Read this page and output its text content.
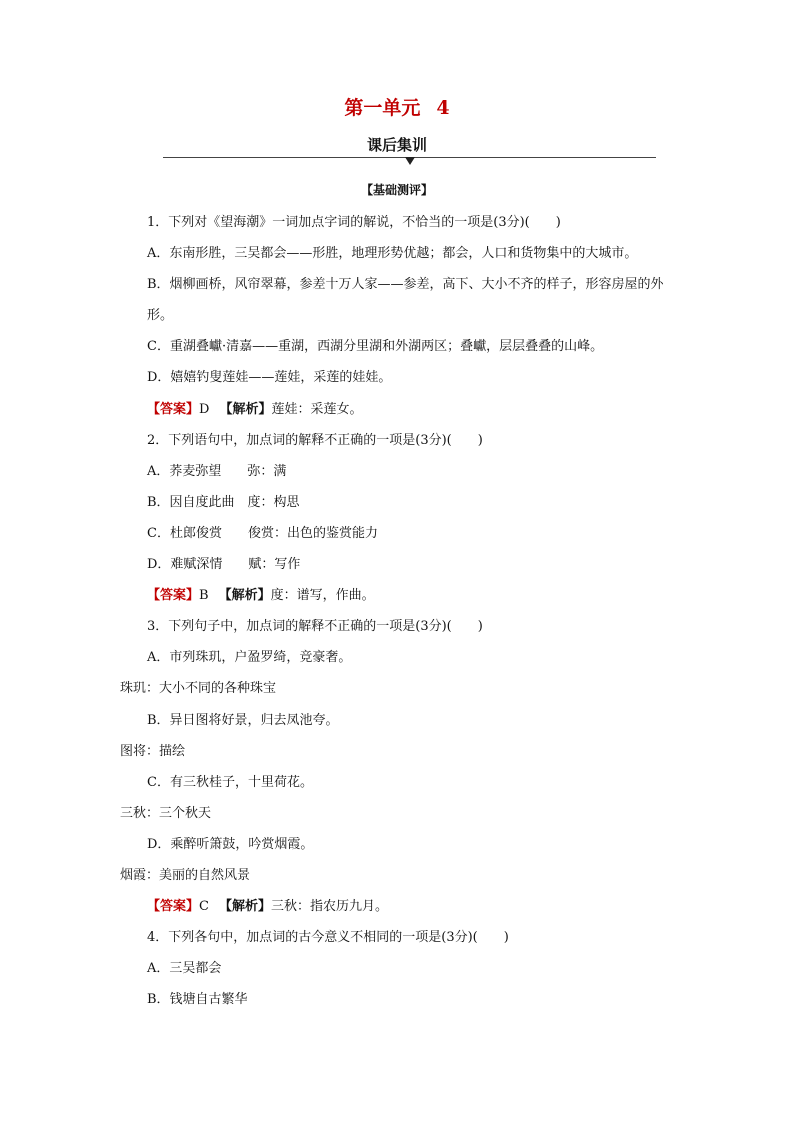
第一单元 4
课后集训
【基础测评】
1．下列对《望海潮》一词加点字词的解说，不恰当的一项是(3分)(　　)
A．东南形胜，三吴都会——形胜，地理形势优越；都会，人口和货物集中的大城市。
B．烟柳画桥，风帘翠幕，参差十万人家——参差，高下、大小不齐的样子，形容房屋的外形。
C．重湖叠巘·清嘉——重湖，西湖分里湖和外湖两区；叠巘，层层叠叠的山峰。
D．嬉嬉钓叟莲娃——莲娃，采莲的娃娃。
【答案】D 【解析】莲娃：采莲女。
2．下列语句中，加点词的解释不正确的一项是(3分)(　　)
A．荞麦弥望　　弥：满
B．因自度此曲　度：构思
C．杜郎俊赏　　俊赏：出色的鉴赏能力
D．难赋深情　　赋：写作
【答案】B 【解析】度：谱写，作曲。
3．下列句子中，加点词的解释不正确的一项是(3分)(　　)
A．市列珠玑，户盈罗绮，竞豪奢。
珠玑：大小不同的各种珠宝
B．异日图将好景，归去凤池夸。
图将：描绘
C．有三秋桂子，十里荷花。
三秋：三个秋天
D．乘醉听箫鼓，吟赏烟霞。
烟霞：美丽的自然风景
【答案】C 【解析】三秋：指农历九月。
4．下列各句中，加点词的古今意义不相同的一项是(3分)(　　)
A．三吴都会
B．钱塘自古繁华
